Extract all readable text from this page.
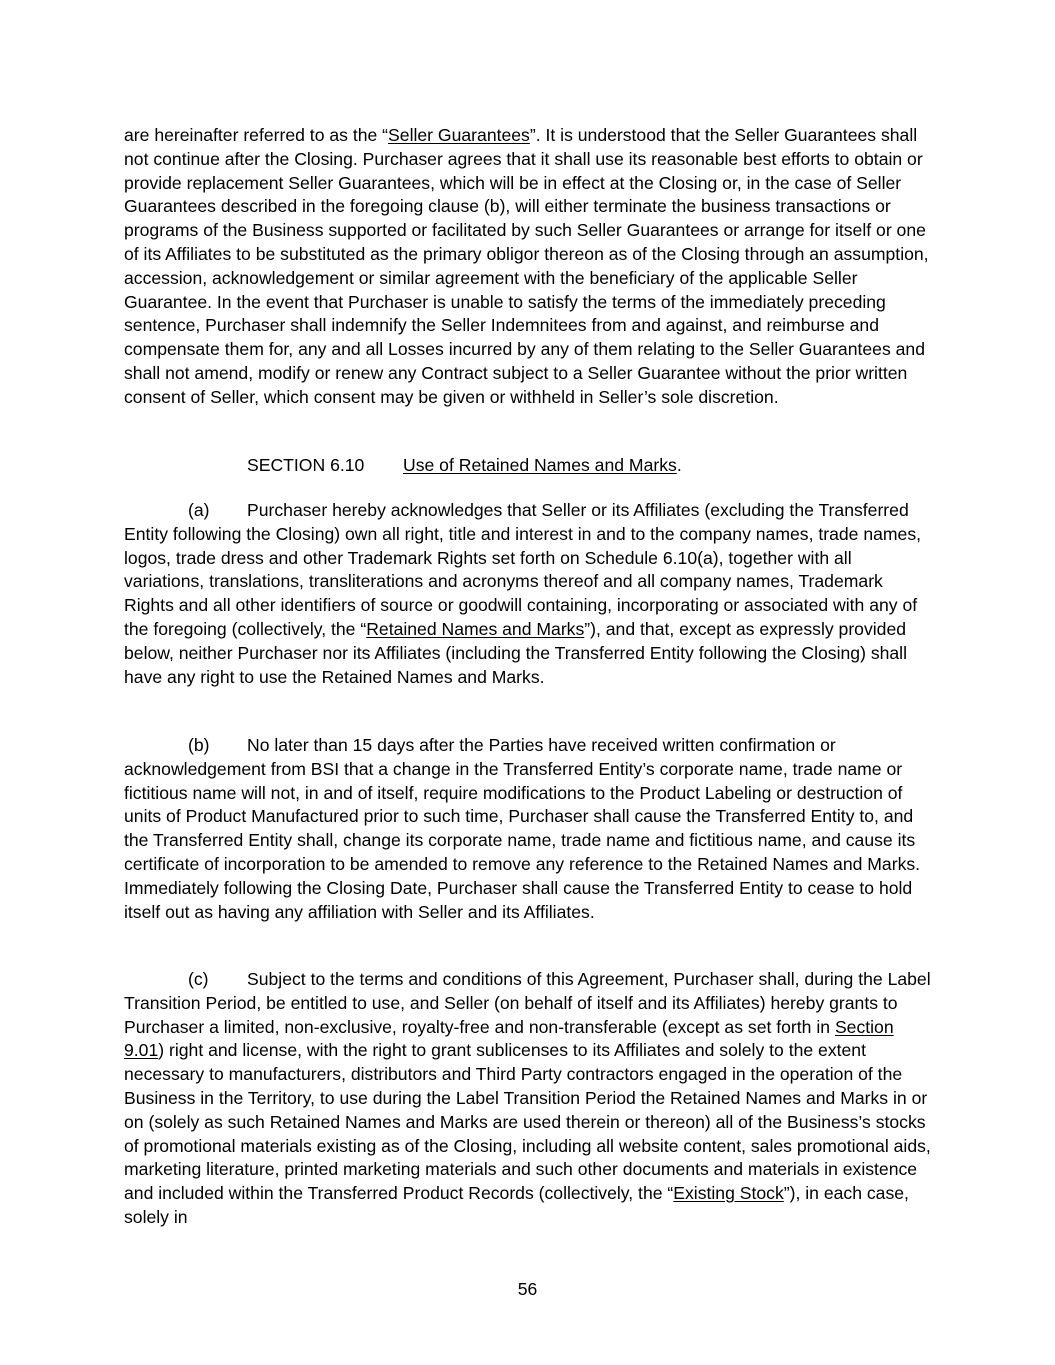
are hereinafter referred to as the “Seller Guarantees”. It is understood that the Seller Guarantees shall not continue after the Closing. Purchaser agrees that it shall use its reasonable best efforts to obtain or provide replacement Seller Guarantees, which will be in effect at the Closing or, in the case of Seller Guarantees described in the foregoing clause (b), will either terminate the business transactions or programs of the Business supported or facilitated by such Seller Guarantees or arrange for itself or one of its Affiliates to be substituted as the primary obligor thereon as of the Closing through an assumption, accession, acknowledgement or similar agreement with the beneficiary of the applicable Seller Guarantee. In the event that Purchaser is unable to satisfy the terms of the immediately preceding sentence, Purchaser shall indemnify the Seller Indemnitees from and against, and reimburse and compensate them for, any and all Losses incurred by any of them relating to the Seller Guarantees and shall not amend, modify or renew any Contract subject to a Seller Guarantee without the prior written consent of Seller, which consent may be given or withheld in Seller’s sole discretion.
SECTION 6.10 Use of Retained Names and Marks.
(a) Purchaser hereby acknowledges that Seller or its Affiliates (excluding the Transferred Entity following the Closing) own all right, title and interest in and to the company names, trade names, logos, trade dress and other Trademark Rights set forth on Schedule 6.10(a), together with all variations, translations, transliterations and acronyms thereof and all company names, Trademark Rights and all other identifiers of source or goodwill containing, incorporating or associated with any of the foregoing (collectively, the “Retained Names and Marks”), and that, except as expressly provided below, neither Purchaser nor its Affiliates (including the Transferred Entity following the Closing) shall have any right to use the Retained Names and Marks.
(b) No later than 15 days after the Parties have received written confirmation or acknowledgement from BSI that a change in the Transferred Entity’s corporate name, trade name or fictitious name will not, in and of itself, require modifications to the Product Labeling or destruction of units of Product Manufactured prior to such time, Purchaser shall cause the Transferred Entity to, and the Transferred Entity shall, change its corporate name, trade name and fictitious name, and cause its certificate of incorporation to be amended to remove any reference to the Retained Names and Marks. Immediately following the Closing Date, Purchaser shall cause the Transferred Entity to cease to hold itself out as having any affiliation with Seller and its Affiliates.
(c) Subject to the terms and conditions of this Agreement, Purchaser shall, during the Label Transition Period, be entitled to use, and Seller (on behalf of itself and its Affiliates) hereby grants to Purchaser a limited, non-exclusive, royalty-free and non-transferable (except as set forth in Section 9.01) right and license, with the right to grant sublicenses to its Affiliates and solely to the extent necessary to manufacturers, distributors and Third Party contractors engaged in the operation of the Business in the Territory, to use during the Label Transition Period the Retained Names and Marks in or on (solely as such Retained Names and Marks are used therein or thereon) all of the Business’s stocks of promotional materials existing as of the Closing, including all website content, sales promotional aids, marketing literature, printed marketing materials and such other documents and materials in existence and included within the Transferred Product Records (collectively, the “Existing Stock”), in each case, solely in
56
